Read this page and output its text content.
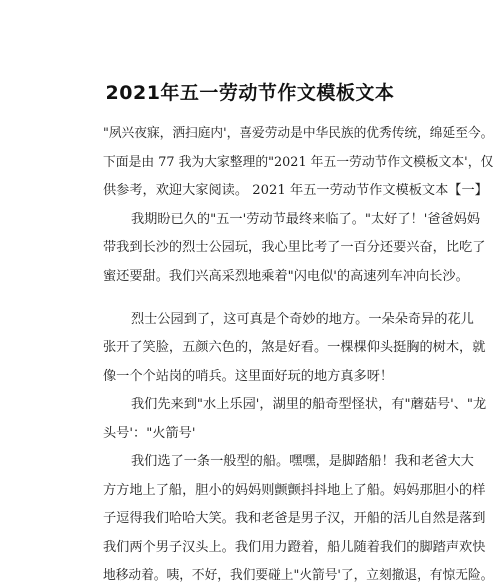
2021年五一劳动节作文模板文本
"夙兴夜寐，洒扫庭内'，喜爱劳动是中华民族的优秀传统，绵延至今。
下面是由 77 我为大家整理的"2021 年五一劳动节作文模板文本'，仅
供参考，欢迎大家阅读。 2021 年五一劳动节作文模板文本【一】
我期盼已久的"五一'劳动节最终来临了。"太好了！'爸爸妈妈
带我到长沙的烈士公园玩，我心里比考了一百分还要兴奋，比吃了
蜜还要甜。我们兴高采烈地乘着"闪电似'的高速列车冲向长沙。
烈士公园到了，这可真是个奇妙的地方。一朵朵奇异的花儿
张开了笑脸，五颜六色的，煞是好看。一棵棵仰头挺胸的树木，就
像一个个站岗的哨兵。这里面好玩的地方真多呀！
我们先来到"水上乐园'，湖里的船奇型怪状，有"蘑菇号'、"龙
头号'："火箭号'
我们选了一条一般型的船。嘿嘿，是脚踏船！我和老爸大大
方方地上了船，胆小的妈妈则颤颤抖抖地上了船。妈妈那胆小的样
子逗得我们哈哈大笑。我和老爸是男子汉，开船的活儿自然是落到
我们两个男子汉头上。我们用力蹬着，船儿随着我们的脚踏声欢快
地移动着。咦，不好，我们要碰上"火箭号'了，立刻撤退，有惊无险。
